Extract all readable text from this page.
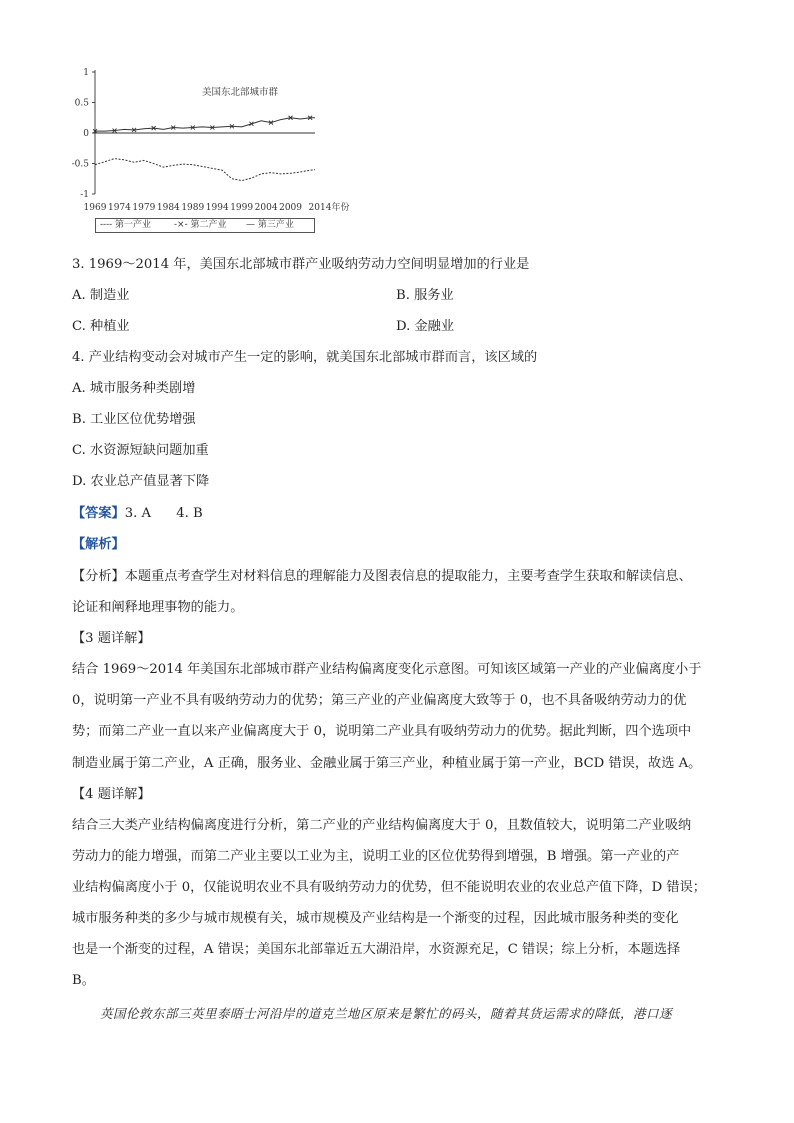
1
0.5
0
-0.5
-1
1969 1974 1979 1984 1989 1994 1999 2004 2009 2014年份
美国东北部城市群
---- 第一产业	-×- 第二产业 — 第三产业
3. 1969～2014 年，美国东北部城市群产业吸纳劳动力空间明显增加的行业是
A. 制造业	B. 服务业
C. 种植业	D. 金融业
4. 产业结构变动会对城市产生一定的影响，就美国东北部城市群而言，该区域的
A. 城市服务种类剧增
B. 工业区位优势增强
C. 水资源短缺问题加重
D. 农业总产值显著下降
【答案】3. A      4. B
【解析】
【分析】本题重点考查学生对材料信息的理解能力及图表信息的提取能力，主要考查学生获取和解读信息、
论证和阐释地理事物的能力。
【3 题详解】
结合 1969～2014 年美国东北部城市群产业结构偏离度变化示意图。可知该区域第一产业的产业偏离度小于
0，说明第一产业不具有吸纳劳动力的优势；第三产业的产业偏离度大致等于 0，也不具备吸纳劳动力的优
势；而第二产业一直以来产业偏离度大于 0，说明第二产业具有吸纳劳动力的优势。据此判断，四个选项中
制造业属于第二产业，A 正确，服务业、金融业属于第三产业，种植业属于第一产业，BCD 错误，故选 A。
【4 题详解】
结合三大类产业结构偏离度进行分析，第二产业的产业结构偏离度大于 0，且数值较大，说明第二产业吸纳
劳动力的能力增强，而第二产业主要以工业为主，说明工业的区位优势得到增强，B 增强。第一产业的产
业结构偏离度小于 0，仅能说明农业不具有吸纳劳动力的优势，但不能说明农业的农业总产值下降，D 错误；
城市服务种类的多少与城市规模有关，城市规模及产业结构是一个渐变的过程，因此城市服务种类的变化
也是一个渐变的过程，A 错误；美国东北部靠近五大湖沿岸，水资源充足，C 错误；综上分析，本题选择
B。
英国伦敦东部三英里泰晤士河沿岸的道克兰地区原来是繁忙的码头，随着其货运需求的降低，港口逐
